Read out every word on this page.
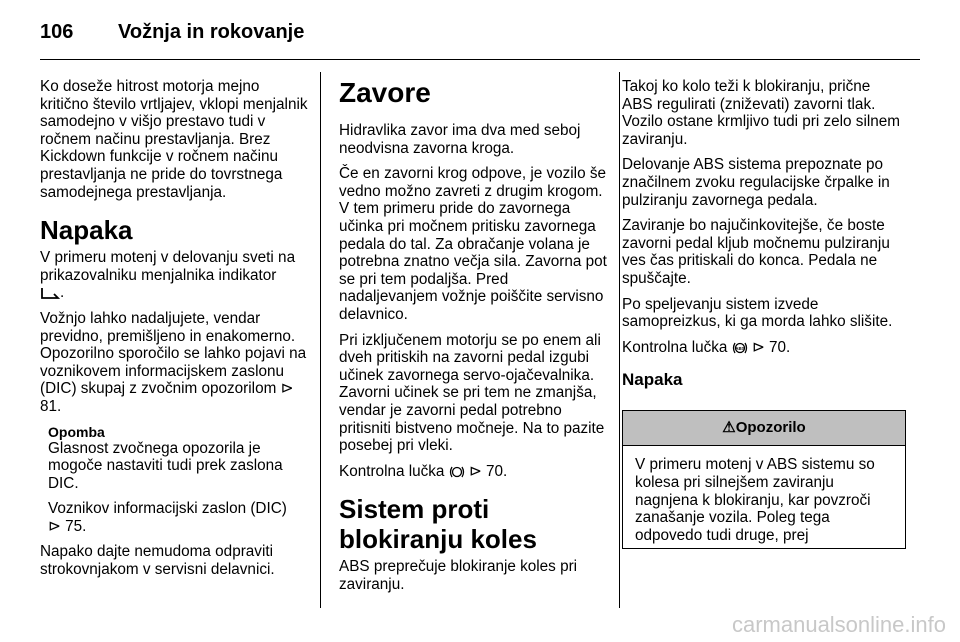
106	Vožnja in rokovanje

Ko doseže hitrost motorja mejno kritično število vrtljajev, vklopi menjalnik samodejno v višjo prestavo tudi v ročnem načinu prestavljanja. Brez Kickdown funkcije v ročnem načinu prestavljanja ne pride do tovrstnega samodejnega prestavljanja.

Napaka

V primeru motenj v delovanju sveti na prikazovalniku menjalnika indikator
.

Vožnjo lahko nadaljujete, vendar previdno, premišljeno in enakomerno. Opozorilno sporočilo se lahko pojavi na voznikovem informacijskem zaslonu (DIC) skupaj z zvočnim opozorilom ⊳ 81.

Opomba

Glasnost zvočnega opozorila je mogoče nastaviti tudi prek zaslona DIC.

Voznikov informacijski zaslon (DIC)
⊳ 75.

Napako dajte nemudoma odpraviti strokovnjakom v servisni delavnici.

Zavore

Hidravlika zavor ima dva med seboj neodvisna zavorna kroga.

Če en zavorni krog odpove, je vozilo še vedno možno zavreti z drugim krogom. V tem primeru pride do zavornega učinka pri močnem pritisku zavornega pedala do tal. Za obračanje volana je potrebna znatno večja sila. Zavorna pot se pri tem podaljša. Pred nadaljevanjem vožnje poiščite servisno delavnico.

Pri izključenem motorju se po enem ali dveh pritiskih na zavorni pedal izgubi učinek zavornega servo-ojačevalnika. Zavorni učinek se pri tem ne zmanjša, vendar je zavorni pedal potrebno pritisniti bistveno močneje. Na to pazite posebej pri vleki.

Kontrolna lučka ⊳ 70.

Sistem proti blokiranju koles

ABS preprečuje blokiranje koles pri zaviranju.

Takoj ko kolo teži k blokiranju, prične ABS regulirati (zniževati) zavorni tlak. Vozilo ostane krmljivo tudi pri zelo silnem zaviranju.

Delovanje ABS sistema prepoznate po značilnem zvoku regulacijske črpalke in pulziranju zavornega pedala.

Zaviranje bo najučinkovitejše, če boste zavorni pedal kljub močnemu pulziranju ves čas pritiskali do konca. Pedala ne spuščajte.

Po speljevanju sistem izvede samopreizkus, ki ga morda lahko slišite.

Kontrolna lučka ABS ⊳ 70.

Napaka
⚠Opozorilo
V primeru motenj v ABS sistemu so kolesa pri silnejšem zaviranju nagnjena k blokiranju, kar povzroči zanašanje vozila. Poleg tega odpovedo tudi druge, prej
carmanualsonline.info
